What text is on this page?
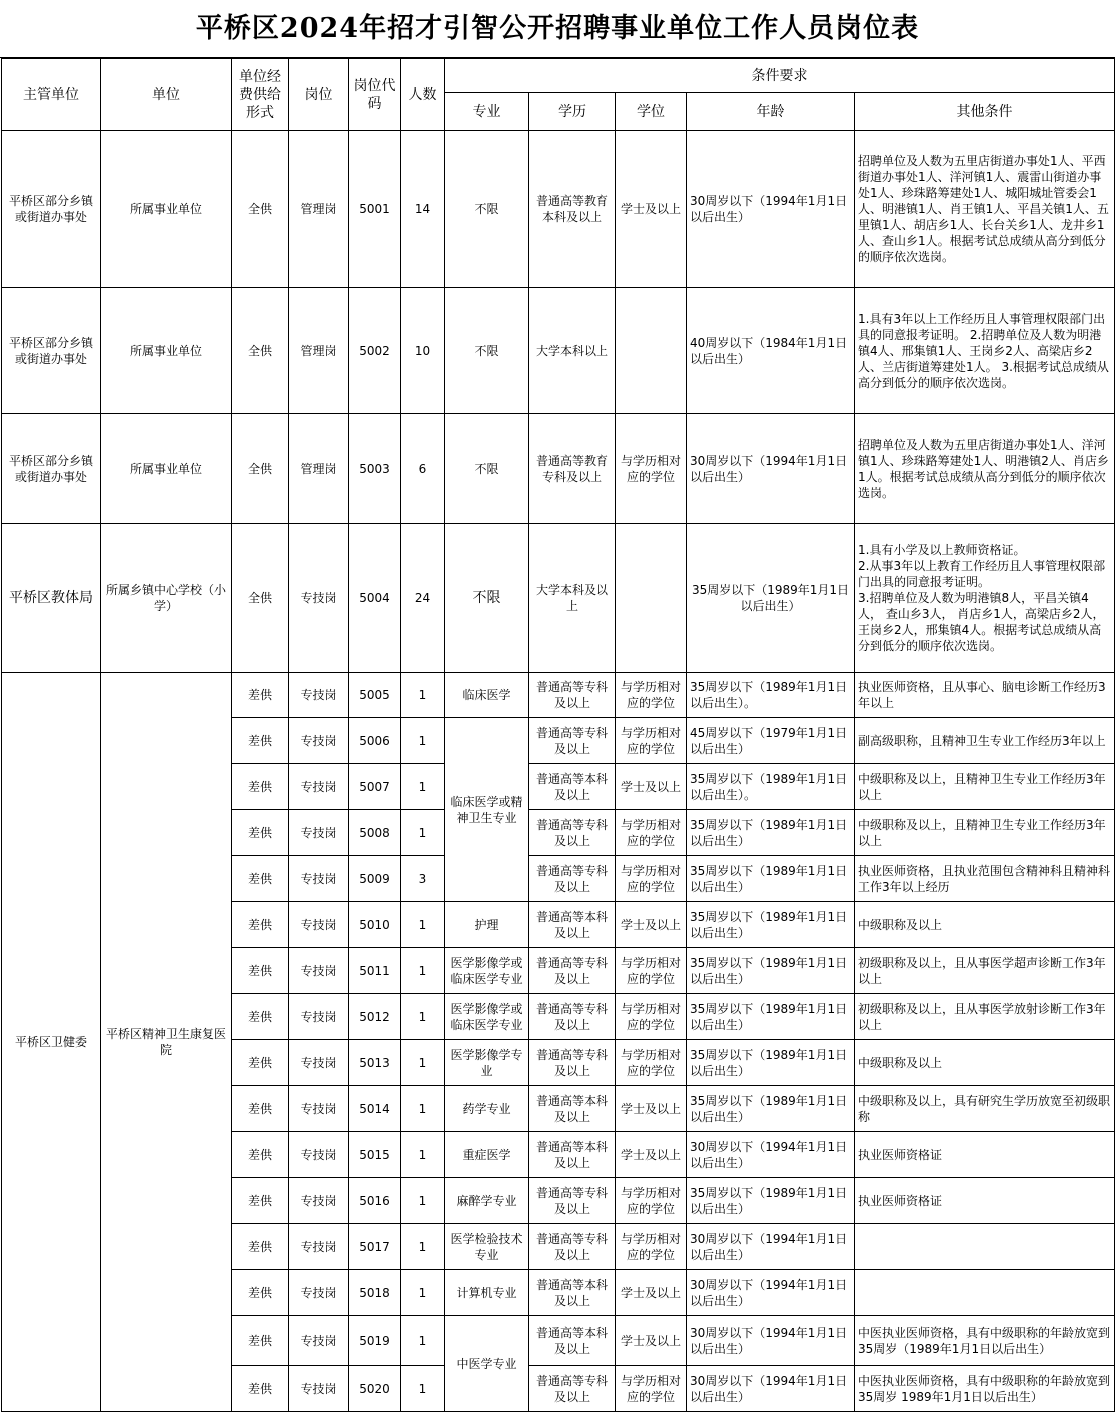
平桥区2024年招才引智公开招聘事业单位工作人员岗位表
主管单位	单位	单位经费供给形式	岗位	岗位代码	人数	条件要求				
						专业	学历	学位	年龄	其他条件
平桥区部分乡镇或街道办事处	所属事业单位	全供	管理岗	5001	14	不限	普通高等教育本科及以上	学士及以上	30周岁以下（1994年1月1日以后出生）	招聘单位及人数为五里店街道办事处1人、平西街道办事处1人、洋河镇1人、震雷山街道办事处1人、珍珠路筹建处1人、城阳城址管委会1人、明港镇1人、肖王镇1人、平昌关镇1人、五里镇1人、胡店乡1人、长台关乡1人、龙井乡1人、查山乡1人。根据考试总成绩从高分到低分的顺序依次选岗。
平桥区部分乡镇或街道办事处	所属事业单位	全供	管理岗	5002	10	不限	大学本科以上		40周岁以下（1984年1月1日以后出生）	1.具有3年以上工作经历且人事管理权限部门出具的同意报考证明。 2.招聘单位及人数为明港镇4人、邢集镇1人、王岗乡2人、高梁店乡2人、兰店街道筹建处1人。 3.根据考试总成绩从高分到低分的顺序依次选岗。
平桥区部分乡镇或街道办事处	所属事业单位	全供	管理岗	5003	6	不限	普通高等教育专科及以上	与学历相对应的学位	30周岁以下（1994年1月1日以后出生）	招聘单位及人数为五里店街道办事处1人、洋河镇1人、珍珠路筹建处1人、明港镇2人、肖店乡1人。根据考试总成绩从高分到低分的顺序依次选岗。
平桥区教体局	所属乡镇中心学校（小学）	全供	专技岗	5004	24	不限	大学本科及以上		35周岁以下（1989年1月1日以后出生）	1.具有小学及以上教师资格证。
2.从事3年以上教育工作经历且人事管理权限部门出具的同意报考证明。
3.招聘单位及人数为明港镇8人，平昌关镇4人， 查山乡3人， 肖店乡1人，高梁店乡2人，王岗乡2人，邢集镇4人。根据考试总成绩从高分到低分的顺序依次选岗。
平桥区卫健委	平桥区精神卫生康复医院	差供	专技岗	5005	1	临床医学	普通高等专科及以上	与学历相对应的学位	35周岁以下（1989年1月1日以后出生）。	执业医师资格，且从事心、脑电诊断工作经历3年以上
		差供	专技岗	5006	1	临床医学或精神卫生专业	普通高等专科及以上	与学历相对应的学位	45周岁以下（1979年1月1日以后出生）	副高级职称，且精神卫生专业工作经历3年以上
		差供	专技岗	5007	1		普通高等本科及以上	学士及以上	35周岁以下（1989年1月1日以后出生）。	中级职称及以上，且精神卫生专业工作经历3年以上
		差供	专技岗	5008	1		普通高等专科及以上	与学历相对应的学位	35周岁以下（1989年1月1日以后出生）	中级职称及以上，且精神卫生专业工作经历3年以上
		差供	专技岗	5009	3		普通高等专科及以上	与学历相对应的学位	35周岁以下（1989年1月1日以后出生）	执业医师资格，且执业范围包含精神科且精神科工作3年以上经历
		差供	专技岗	5010	1	护理	普通高等本科及以上	学士及以上	35周岁以下（1989年1月1日以后出生）	中级职称及以上
		差供	专技岗	5011	1	医学影像学或临床医学专业	普通高等专科及以上	与学历相对应的学位	35周岁以下（1989年1月1日以后出生）	初级职称及以上，且从事医学超声诊断工作3年以上
		差供	专技岗	5012	1	医学影像学或临床医学专业	普通高等专科及以上	与学历相对应的学位	35周岁以下（1989年1月1日以后出生）	初级职称及以上，且从事医学放射诊断工作3年以上
		差供	专技岗	5013	1	医学影像学专业	普通高等专科及以上	与学历相对应的学位	35周岁以下（1989年1月1日以后出生）	中级职称及以上
		差供	专技岗	5014	1	药学专业	普通高等本科及以上	学士及以上	35周岁以下（1989年1月1日以后出生）	中级职称及以上，具有研究生学历放宽至初级职称
		差供	专技岗	5015	1	重症医学	普通高等本科及以上	学士及以上	30周岁以下（1994年1月1日以后出生）	执业医师资格证
		差供	专技岗	5016	1	麻醉学专业	普通高等专科及以上	与学历相对应的学位	35周岁以下（1989年1月1日以后出生）	执业医师资格证
		差供	专技岗	5017	1	医学检验技术专业	普通高等专科及以上	与学历相对应的学位	30周岁以下（1994年1月1日以后出生）	
		差供	专技岗	5018	1	计算机专业	普通高等本科及以上	学士及以上	30周岁以下（1994年1月1日以后出生）	
		差供	专技岗	5019	1	中医学专业	普通高等本科及以上	学士及以上	30周岁以下（1994年1月1日以后出生）	中医执业医师资格，具有中级职称的年龄放宽到35周岁（1989年1月1日以后出生）
		差供	专技岗	5020	1		普通高等专科及以上	与学历相对应的学位	30周岁以下（1994年1月1日以后出生）	中医执业医师资格，具有中级职称的年龄放宽到35周岁 1989年1月1日以后出生）
